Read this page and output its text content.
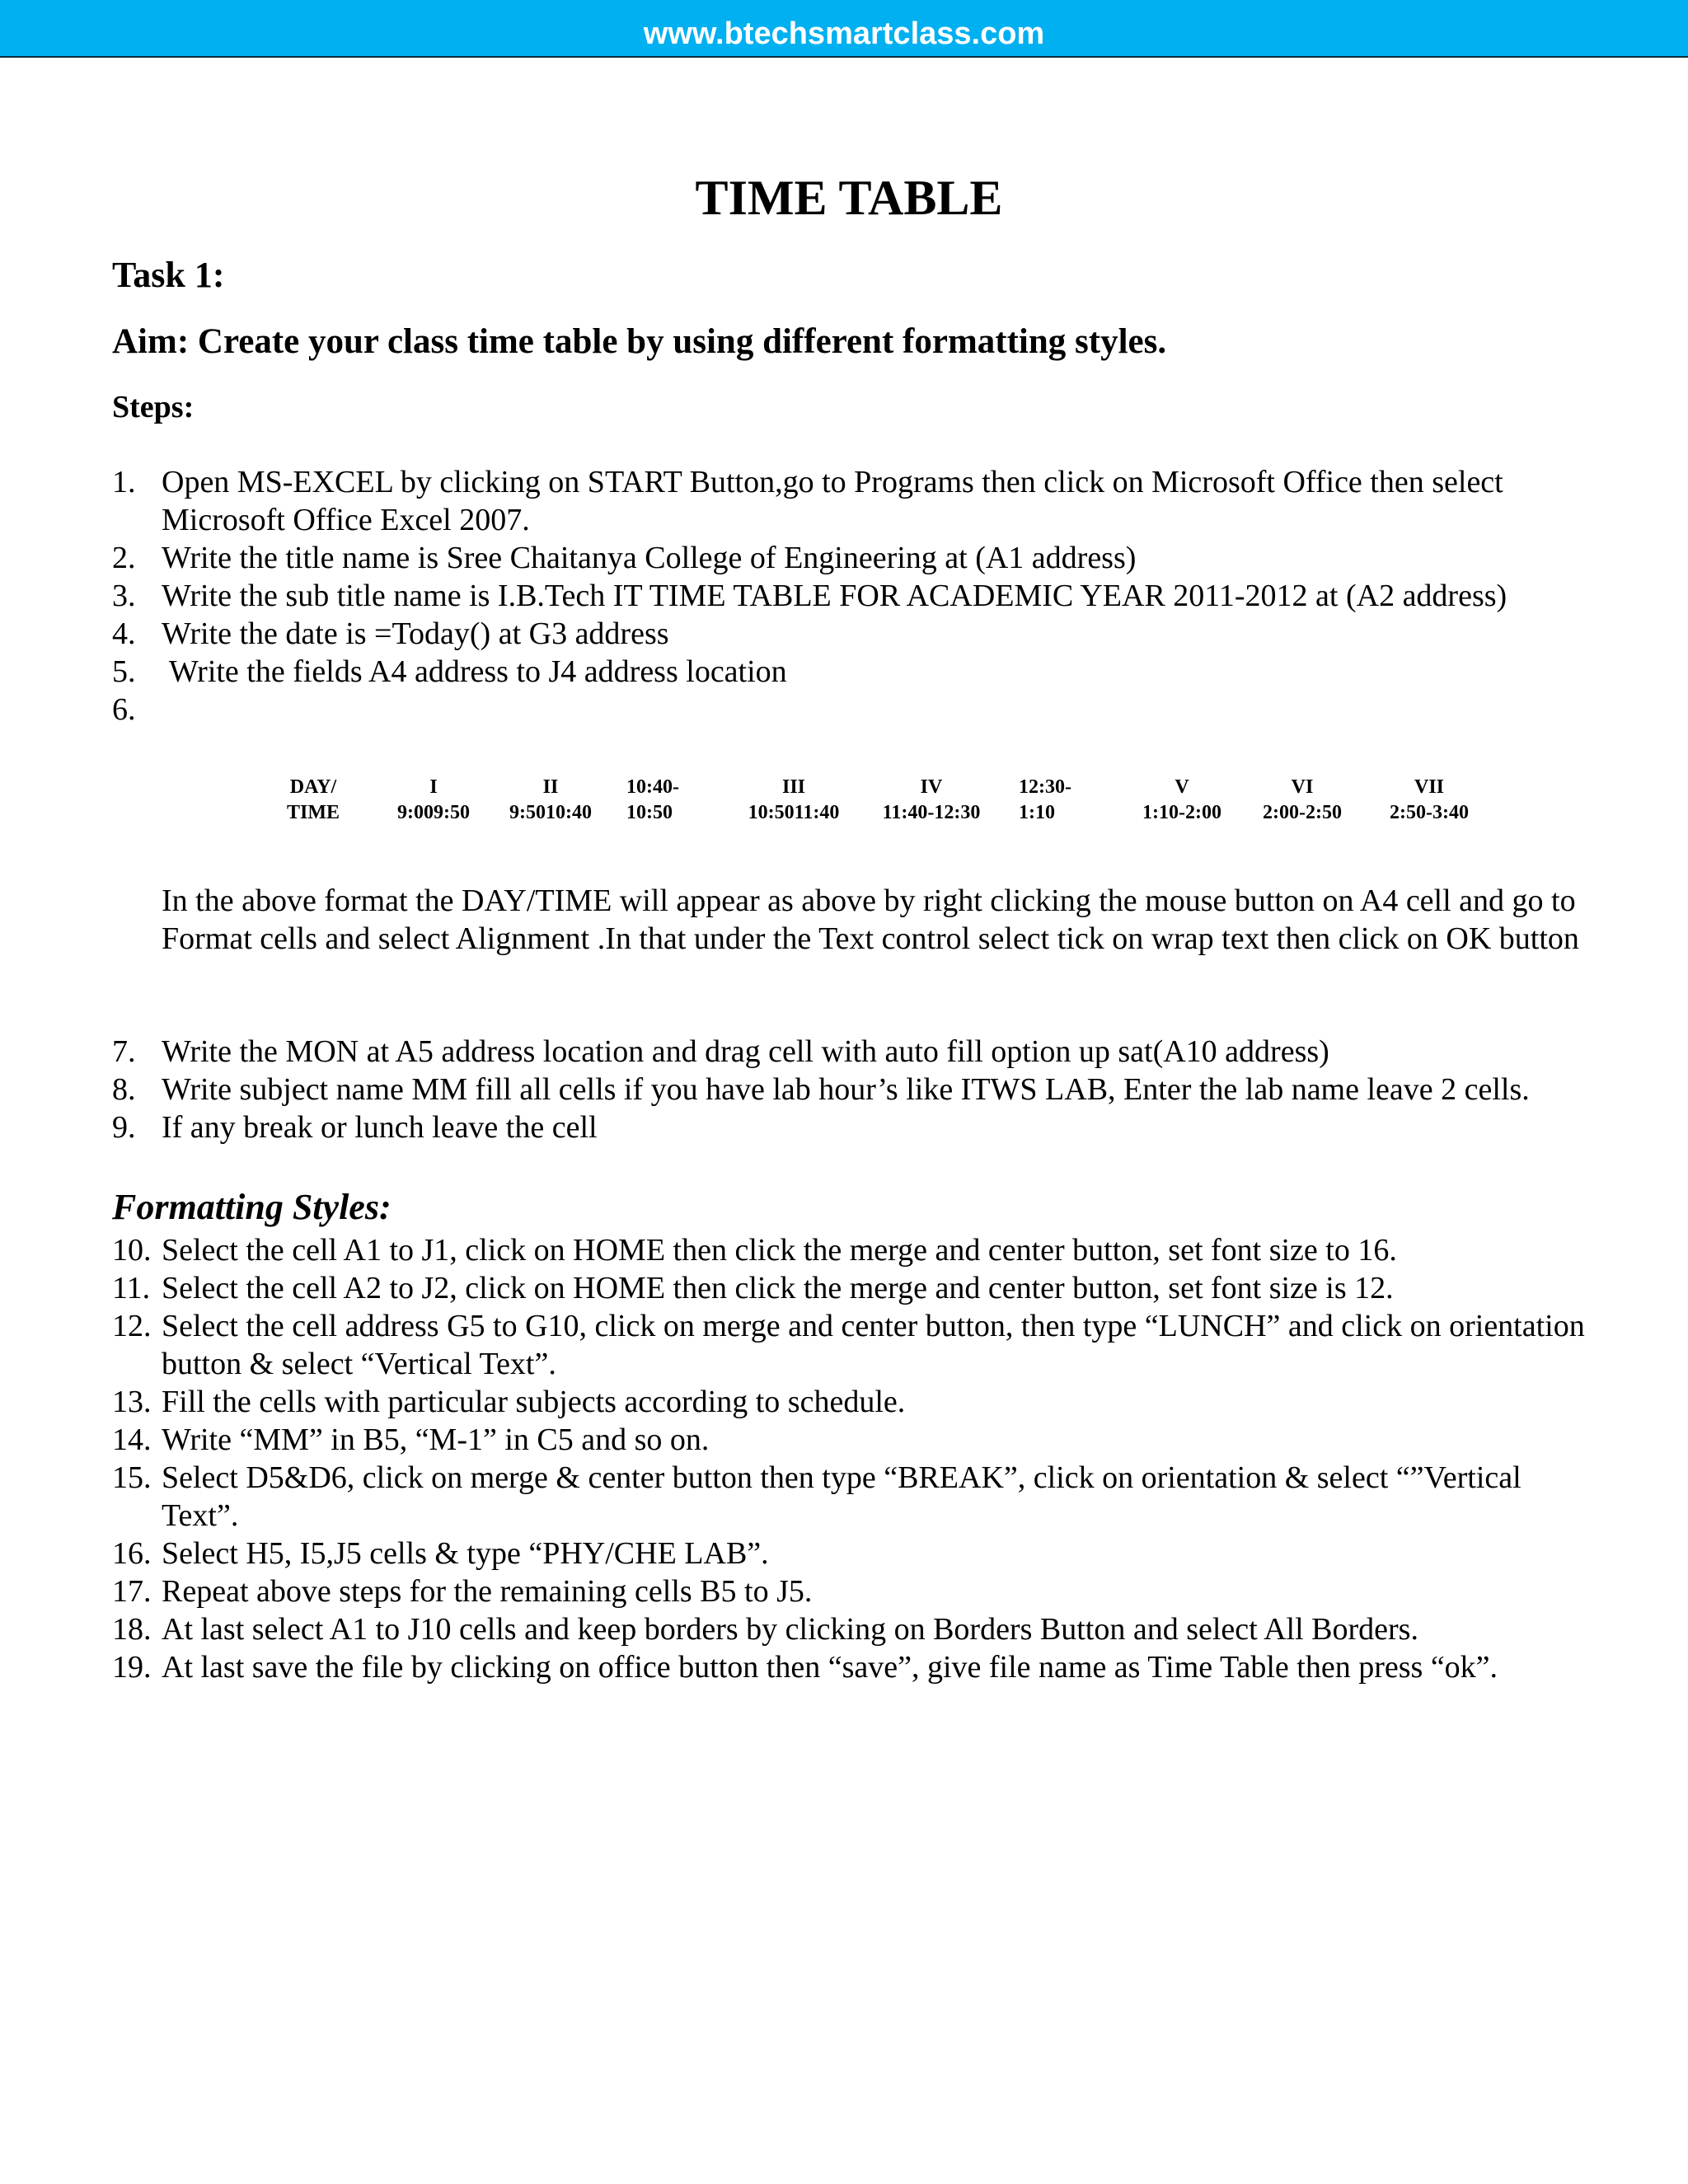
www.btechsmartclass.com
TIME TABLE
Task 1:
Aim: Create your class time table by using different formatting styles.
Steps:
1. Open MS-EXCEL by clicking on START Button,go to Programs then click on Microsoft Office then select Microsoft Office Excel 2007.
2. Write the title name is Sree Chaitanya College of Engineering at (A1 address)
3. Write the sub title name is I.B.Tech IT TIME TABLE FOR ACADEMIC YEAR 2011-2012 at (A2 address)
4. Write the date is =Today() at G3 address
5. Write the fields A4 address to J4 address location
6.

DAY/
TIME
I
9:009:50
II
9:5010:40
10:40-
10:50
III
10:5011:40
IV
11:40-12:30
12:30-
1:10
V
1:10-2:00
VI
2:00-2:50
VII
2:50-3:40
In the above format the DAY/TIME will appear as above by right clicking the mouse button on A4 cell and go to Format cells and select Alignment .In that under the Text control select tick on wrap text then click on OK button
7. Write the MON at A5 address location and drag cell with auto fill option up sat(A10 address)
8. Write subject name MM fill all cells if you have lab hour’s like ITWS LAB, Enter the lab name leave 2 cells.
9. If any break or lunch leave the cell
Formatting Styles:
10. Select the cell A1 to J1, click on HOME then click the merge and center button, set font size to 16.
11. Select the cell A2 to J2, click on HOME then click the merge and center button, set font size is 12.
12. Select the cell address G5 to G10, click on merge and center button, then type “LUNCH” and click on orientation button & select “Vertical Text”.
13. Fill the cells with particular subjects according to schedule.
14. Write “MM” in B5, “M-1” in C5 and so on.
15. Select D5&D6, click on merge & center button then type “BREAK”, click on orientation & select “”Vertical Text”.
16. Select H5, I5,J5 cells & type “PHY/CHE LAB”.
17. Repeat above steps for the remaining cells B5 to J5.
18. At last select A1 to J10 cells and keep borders by clicking on Borders Button and select All Borders.
19. At last save the file by clicking on office button then “save”, give file name as Time Table then press “ok”.
